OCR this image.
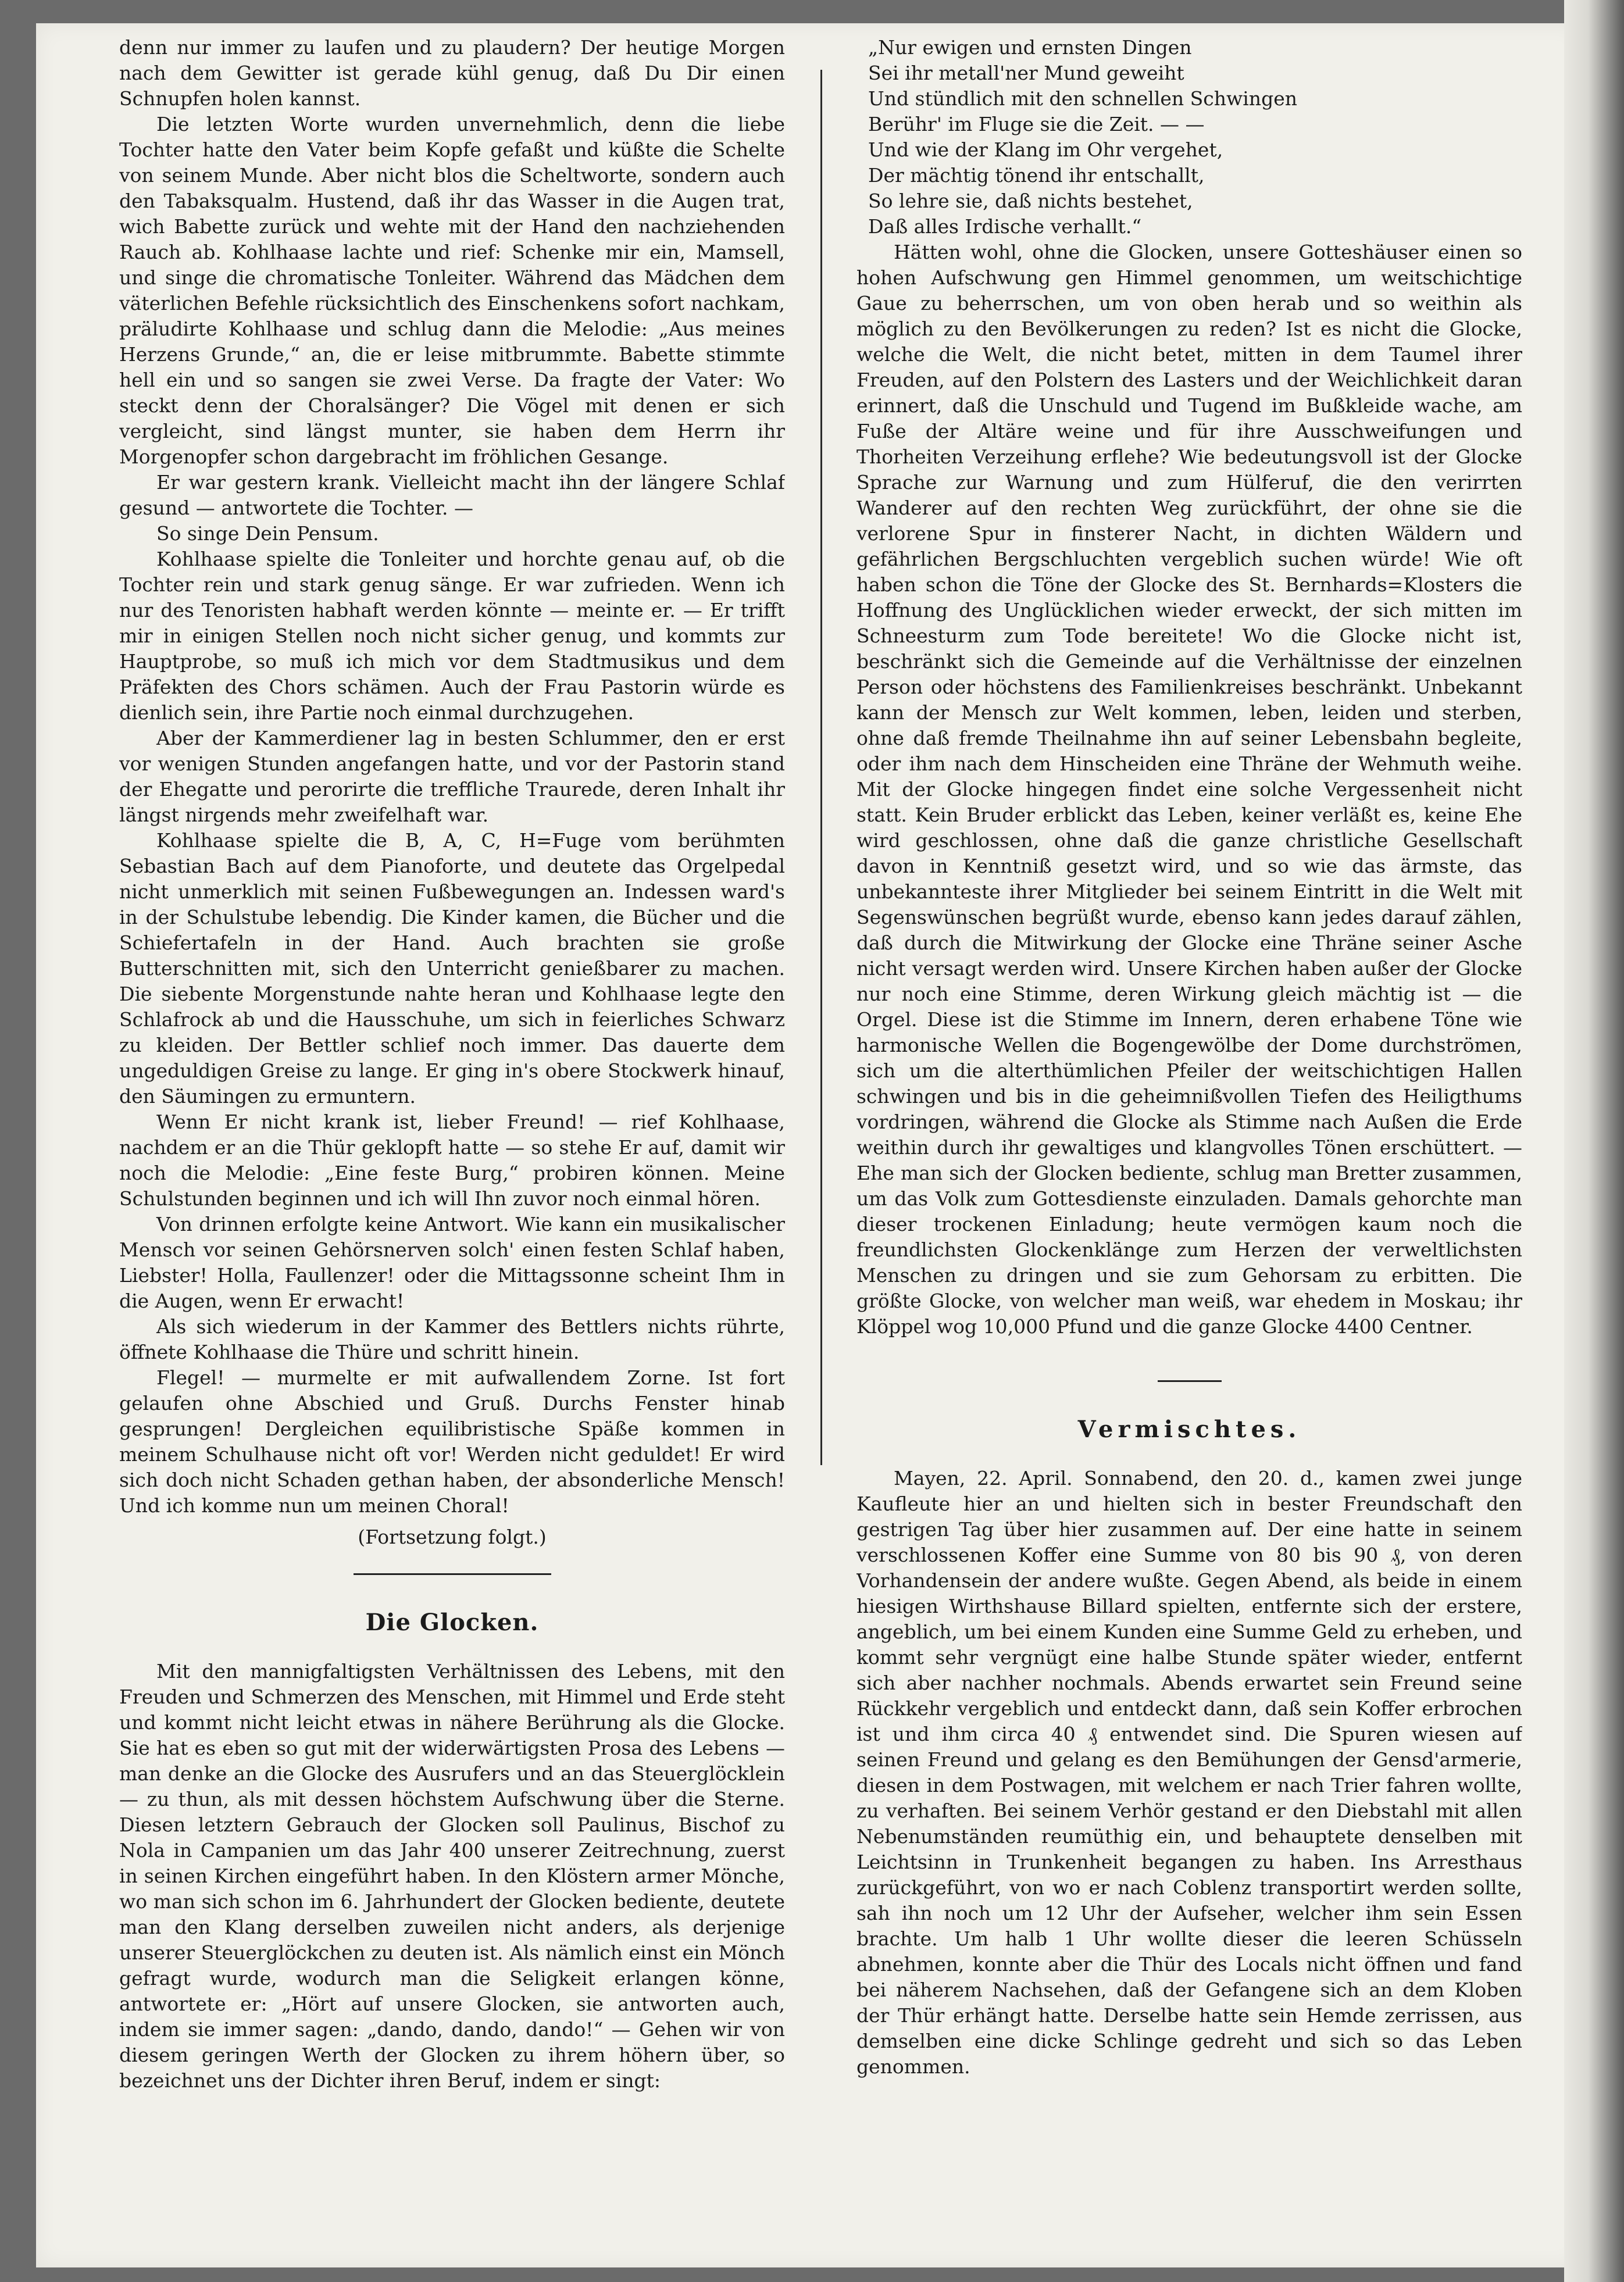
denn nur immer zu laufen und zu plaudern? Der heutige Morgen nach dem Gewitter ist gerade kühl genug, daß Du Dir einen Schnupfen holen kannst.

Die letzten Worte wurden unvernehmlich, denn die liebe Tochter hatte den Vater beim Kopfe gefaßt und küßte die Schelte von seinem Munde. Aber nicht blos die Scheltworte, sondern auch den Tabaksqualm. Hustend, daß ihr das Wasser in die Augen trat, wich Babette zurück und wehte mit der Hand den nachziehenden Rauch ab. Kohlhaase lachte und rief: Schenke mir ein, Mamsell, und singe die chromatische Tonleiter. Während das Mädchen dem väterlichen Befehle rücksichtlich des Einschenkens sofort nachkam, präludirte Kohlhaase und schlug dann die Melodie: „Aus meines Herzens Grunde,“ an, die er leise mitbrummte. Babette stimmte hell ein und so sangen sie zwei Verse. Da fragte der Vater: Wo steckt denn der Choralsänger? Die Vögel mit denen er sich vergleicht, sind längst munter, sie haben dem Herrn ihr Morgenopfer schon dargebracht im fröhlichen Gesange.

Er war gestern krank. Vielleicht macht ihn der längere Schlaf gesund — antwortete die Tochter. —

So singe Dein Pensum.

Kohlhaase spielte die Tonleiter und horchte genau auf, ob die Tochter rein und stark genug sänge. Er war zufrieden. Wenn ich nur des Tenoristen habhaft werden könnte — meinte er. — Er trifft mir in einigen Stellen noch nicht sicher genug, und kommts zur Hauptprobe, so muß ich mich vor dem Stadtmusikus und dem Präfekten des Chors schämen. Auch der Frau Pastorin würde es dienlich sein, ihre Partie noch einmal durchzugehen.

Aber der Kammerdiener lag in besten Schlummer, den er erst vor wenigen Stunden angefangen hatte, und vor der Pastorin stand der Ehegatte und perorirte die treffliche Traurede, deren Inhalt ihr längst nirgends mehr zweifelhaft war.

Kohlhaase spielte die B, A, C, H=Fuge vom berühmten Sebastian Bach auf dem Pianoforte, und deutete das Orgelpedal nicht unmerklich mit seinen Fußbewegungen an. Indessen ward's in der Schulstube lebendig. Die Kinder kamen, die Bücher und die Schiefertafeln in der Hand. Auch brachten sie große Butterschnitten mit, sich den Unterricht genießbarer zu machen. Die siebente Morgenstunde nahte heran und Kohlhaase legte den Schlafrock ab und die Hausschuhe, um sich in feierliches Schwarz zu kleiden. Der Bettler schlief noch immer. Das dauerte dem ungeduldigen Greise zu lange. Er ging in's obere Stockwerk hinauf, den Säumingen zu ermuntern.

Wenn Er nicht krank ist, lieber Freund! — rief Kohlhaase, nachdem er an die Thür geklopft hatte — so stehe Er auf, damit wir noch die Melodie: „Eine feste Burg,“ probiren können. Meine Schulstunden beginnen und ich will Ihn zuvor noch einmal hören.

Von drinnen erfolgte keine Antwort. Wie kann ein musikalischer Mensch vor seinen Gehörsnerven solch' einen festen Schlaf haben, Liebster! Holla, Faullenzer! oder die Mittagssonne scheint Ihm in die Augen, wenn Er erwacht!

Als sich wiederum in der Kammer des Bettlers nichts rührte, öffnete Kohlhaase die Thüre und schritt hinein.

Flegel! — murmelte er mit aufwallendem Zorne. Ist fort gelaufen ohne Abschied und Gruß. Durchs Fenster hinab gesprungen! Dergleichen equilibristische Späße kommen in meinem Schulhause nicht oft vor! Werden nicht geduldet! Er wird sich doch nicht Schaden gethan haben, der absonderliche Mensch! Und ich komme nun um meinen Choral!

(Fortsetzung folgt.)

Die Glocken.

Mit den mannigfaltigsten Verhältnissen des Lebens, mit den Freuden und Schmerzen des Menschen, mit Himmel und Erde steht und kommt nicht leicht etwas in nähere Berührung als die Glocke. Sie hat es eben so gut mit der widerwärtigsten Prosa des Lebens — man denke an die Glocke des Ausrufers und an das Steuerglöcklein — zu thun, als mit dessen höchstem Aufschwung über die Sterne. Diesen letztern Gebrauch der Glocken soll Paulinus, Bischof zu Nola in Campanien um das Jahr 400 unserer Zeitrechnung, zuerst in seinen Kirchen eingeführt haben. In den Klöstern armer Mönche, wo man sich schon im 6. Jahrhundert der Glocken bediente, deutete man den Klang derselben zuweilen nicht anders, als derjenige unserer Steuerglöckchen zu deuten ist. Als nämlich einst ein Mönch gefragt wurde, wodurch man die Seligkeit erlangen könne, antwortete er: „Hört auf unsere Glocken, sie antworten auch, indem sie immer sagen: „dando, dando, dando!“ — Gehen wir von diesem geringen Werth der Glocken zu ihrem höhern über, so bezeichnet uns der Dichter ihren Beruf, indem er singt:

„Nur ewigen und ernsten Dingen
Sei ihr metall'ner Mund geweiht
Und stündlich mit den schnellen Schwingen
Berühr' im Fluge sie die Zeit. — —
Und wie der Klang im Ohr vergehet,
Der mächtig tönend ihr entschallt,
So lehre sie, daß nichts bestehet,
Daß alles Irdische verhallt.“

Hätten wohl, ohne die Glocken, unsere Gotteshäuser einen so hohen Aufschwung gen Himmel genommen, um weitschichtige Gaue zu beherrschen, um von oben herab und so weithin als möglich zu den Bevölkerungen zu reden? Ist es nicht die Glocke, welche die Welt, die nicht betet, mitten in dem Taumel ihrer Freuden, auf den Polstern des Lasters und der Weichlichkeit daran erinnert, daß die Unschuld und Tugend im Bußkleide wache, am Fuße der Altäre weine und für ihre Ausschweifungen und Thorheiten Verzeihung erflehe? Wie bedeutungsvoll ist der Glocke Sprache zur Warnung und zum Hülferuf, die den verirrten Wanderer auf den rechten Weg zurückführt, der ohne sie die verlorene Spur in finsterer Nacht, in dichten Wäldern und gefährlichen Bergschluchten vergeblich suchen würde! Wie oft haben schon die Töne der Glocke des St. Bernhards=Klosters die Hoffnung des Unglücklichen wieder erweckt, der sich mitten im Schneesturm zum Tode bereitete! Wo die Glocke nicht ist, beschränkt sich die Gemeinde auf die Verhältnisse der einzelnen Person oder höchstens des Familienkreises beschränkt. Unbekannt kann der Mensch zur Welt kommen, leben, leiden und sterben, ohne daß fremde Theilnahme ihn auf seiner Lebensbahn begleite, oder ihm nach dem Hinscheiden eine Thräne der Wehmuth weihe. Mit der Glocke hingegen findet eine solche Vergessenheit nicht statt. Kein Bruder erblickt das Leben, keiner verläßt es, keine Ehe wird geschlossen, ohne daß die ganze christliche Gesellschaft davon in Kenntniß gesetzt wird, und so wie das ärmste, das unbekannteste ihrer Mitglieder bei seinem Eintritt in die Welt mit Segenswünschen begrüßt wurde, ebenso kann jedes darauf zählen, daß durch die Mitwirkung der Glocke eine Thräne seiner Asche nicht versagt werden wird. Unsere Kirchen haben außer der Glocke nur noch eine Stimme, deren Wirkung gleich mächtig ist — die Orgel. Diese ist die Stimme im Innern, deren erhabene Töne wie harmonische Wellen die Bogengewölbe der Dome durchströmen, sich um die alterthümlichen Pfeiler der weitschichtigen Hallen schwingen und bis in die geheimnißvollen Tiefen des Heiligthums vordringen, während die Glocke als Stimme nach Außen die Erde weithin durch ihr gewaltiges und klangvolles Tönen erschüttert. — Ehe man sich der Glocken bediente, schlug man Bretter zusammen, um das Volk zum Gottesdienste einzuladen. Damals gehorchte man dieser trockenen Einladung; heute vermögen kaum noch die freundlichsten Glockenklänge zum Herzen der verweltlichsten Menschen zu dringen und sie zum Gehorsam zu erbitten. Die größte Glocke, von welcher man weiß, war ehedem in Moskau; ihr Klöppel wog 10,000 Pfund und die ganze Glocke 4400 Centner.

Vermischtes.

Mayen, 22. April. Sonnabend, den 20. d., kamen zwei junge Kaufleute hier an und hielten sich in bester Freundschaft den gestrigen Tag über hier zusammen auf. Der eine hatte in seinem verschlossenen Koffer eine Summe von 80 bis 90 ₰, von deren Vorhandensein der andere wußte. Gegen Abend, als beide in einem hiesigen Wirthshause Billard spielten, entfernte sich der erstere, angeblich, um bei einem Kunden eine Summe Geld zu erheben, und kommt sehr vergnügt eine halbe Stunde später wieder, entfernt sich aber nachher nochmals. Abends erwartet sein Freund seine Rückkehr vergeblich und entdeckt dann, daß sein Koffer erbrochen ist und ihm circa 40 ₰ entwendet sind. Die Spuren wiesen auf seinen Freund und gelang es den Bemühungen der Gensd'armerie, diesen in dem Postwagen, mit welchem er nach Trier fahren wollte, zu verhaften. Bei seinem Verhör gestand er den Diebstahl mit allen Nebenumständen reumüthig ein, und behauptete denselben mit Leichtsinn in Trunkenheit begangen zu haben. Ins Arresthaus zurückgeführt, von wo er nach Coblenz transportirt werden sollte, sah ihn noch um 12 Uhr der Aufseher, welcher ihm sein Essen brachte. Um halb 1 Uhr wollte dieser die leeren Schüsseln abnehmen, konnte aber die Thür des Locals nicht öffnen und fand bei näherem Nachsehen, daß der Gefangene sich an dem Kloben der Thür erhängt hatte. Derselbe hatte sein Hemde zerrissen, aus demselben eine dicke Schlinge gedreht und sich so das Leben genommen.
